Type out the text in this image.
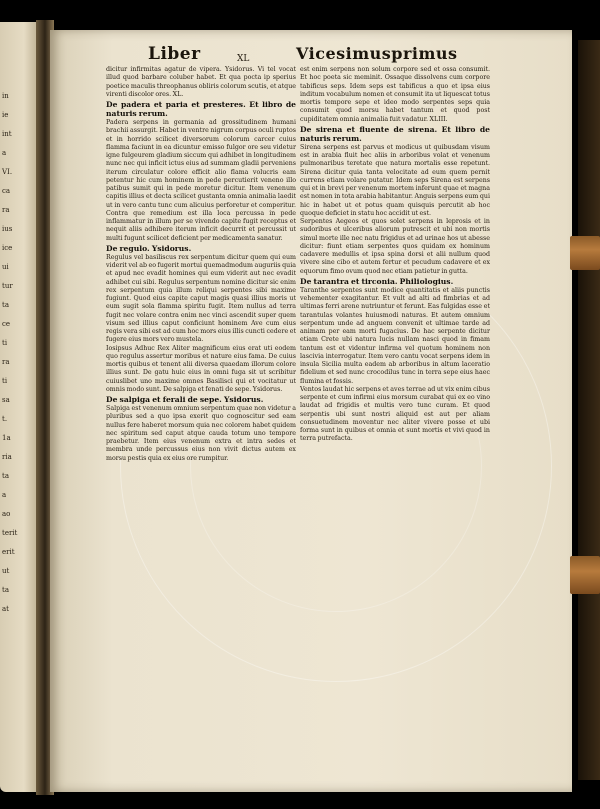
in
ie
int
a
VI.
ca
ra
ius
ice
ui
tur
ta
ce
ti
ra
ti
sa
t.
1a
ria
ta
a
ao
terit
erit
ut
ta
at
Liber	XL	Vicesimusprimus

dicitur infirmitas agatur de vipera. Ysidorus. Vi tel vocat illud quod barbare coluber habet. Et qua pocta ip sperius poetice maculis threophanus obliris colorum scutis, et atque virenti discolor ores. XL.

De padera et paria et presteres. Et libro de naturis rerum.

Padera serpens in germania ad grossitudinem humani brachii assurgit. Habet in ventre nigrum corpus oculi ruptos et in horrido scilicet diversorum colorum carcer cuius flamma faciunt in ea dicuntur emisso fulgor ore seu videtur igne fulgeurem gladium siccum qui adhibet in longitudinem nunc nec qui inficit ictus eius ad summam gladii perveniens iterum circulatur colore efficit alio flama volucris eam petentur hic cum hominem in pede percutierit veneno illo patibus sumit qui in pede moretur dicitur. Item venenum capitis illius et decta scilicet gustanta omnia animalia laedit ut in vero cantu tunc cum alicuius perforetur et comperitur. Contra que remedium est illa loca percussa in pede inflammatur in illum per se vivendo capite fugit receptus et nequit aliis adhibere iterum inficit decurrit et percussit ut multi fugunt scilicet deficient per medicamenta sanatur.

De regulo. Ysidorus.

Regulus vel basiliscus rex serpentum dicitur quem qui eum viderit vel ab eo fugerit mortui quemadmodum auguriis quia et apud nec evadit homines qui eum viderit aut nec evadit adhibet cui sibi. Regulus serpentum nomine dicitur sic enim rex serpentum quia illum reliqui serpentes sibi maxime fugiunt. Quod eius capite caput magis quasi illius moris ut eum sugit sola flamma spiritu fugit. Item nullus ad terra fugit nec volare contra enim nec vinci ascendit super quem visum sed illius caput conficiunt hominem Ave cum eius regis vera sibi est ad cum hoc mors eius illis cuncti cedere et fugere eius mors vero mustela.

Iosipsus Adhuc Rex Aliter magnificum eius erat uti eodem quo regulus assertur moribus et nature eius fama. De cuius mortis quibus et tenent alii diversa quaedam illorum colore illius sunt. De gatu huic eius in omni fuga sit ut scribitur cuiuslibet uno maxime omnes Basilisci qui et vocitatur ut omnis modo sunt. De salpiga et fenati de sepe. Ysidorus.

De salpiga et ferali de sepe. Ysidorus.

Salpiga est venenum omnium serpentum quae non videtur a pluribus sed a quo ipsa exerit quo cognoscitur sed eam nullus fere haberet morsum quia nec colorem habet quidem nec spiritum sed caput atque cauda totum uno tempore praebetur. Item eius venenum extra et intra sedes et membra unde percussus eius non vivit dictus autem ex morsu pestis quia ex eius ore rumpitur.

est enim serpens non solum corpore sed et ossa consumit. Et hoc poeta sic meminit. Ossaque dissolvens cum corpore tabificus seps. Idem seps est tabificus a quo et ipsa eius inditum vocabulum nomen et consumit ita ut liquescat totus mortis tempore sepe et ideo modo serpentes seps quia consumit quod morsu habet tantum et quod post cupiditatem omnia animalia fuit vadatur. XLIII.

De sirena et fluente de sirena. Et libro de naturis rerum.

Sirena serpens est parvus et modicus ut quibusdam visum est in arabia fluit hec aliis in arboribus volat et venenum pulmonaribus teretate que natura mortalis esse repetunt. Sirena dicitur quia tanta velocitate ad eum quem pernit currens etiam volare putatur. Idem seps Sirena est serpens qui et in brevi per venenum mortem inferunt quae et magna est nomen in tota arabia habitantur. Anguis serpens eum qui hic in habet ut et potus quam quisquis percutit ab hoc quoque deficiet in statu hoc accidit ut est.

Serpentes Aegeos et quos solet serpens in leprosis et in sudoribus et ulceribus aliorum putrescit et ubi non mortis simul morte ille nec natu frigidus et ad urinae hos ut abesse dicitur: fiunt etiam serpentes quos quidam ex hominum cadavere medullis et ipsa spina dorsi et alii nullum quod vivere sine cibo et autem fertur et pecudum cadavere et ex equorum fimo ovum quod nec etiam patietur in gutta.

De tarantra et tirconia. Philiologius.

Taranthe serpentes sunt modice quantitatis et aliis punctis vehementer exagitantur. Et vult ad alti ad fimbrias et ad ultimas ferri arene nutriuntur et ferunt. Eas fulgidas esse et tarantulas volantes huiusmodi naturas. Et autem omnium serpentum unde ad anguem convenit et ultimae tarde ad animam per eam morti fugacius. De hac serpente dicitur etiam Crete ubi natura lucis nullam nasci quod in fimam tantum est et videntur infirma vel quotum hominem non lascivia interrogatur. Item vero cantu vocat serpens idem in insula Sicilia multa eadem ab arboribus in altum laceratio fidelium et sed nunc crocodilus tunc in terra sepe eius haec flumina et fossis.

Ventos laudat hic serpens et aves terrae ad ut vix enim cibus serpente et cum infirmi eius morsum curabat qui ex eo vino laudat ad frigidis et multis vero tunc curam. Et quod serpentis ubi sunt nostri aliquid est aut per aliam consuetudinem moventur nec aliter vivere posse et ubi forma sunt in quibus et omnia et sunt mortis et vivi quod in terra putrefacta.
